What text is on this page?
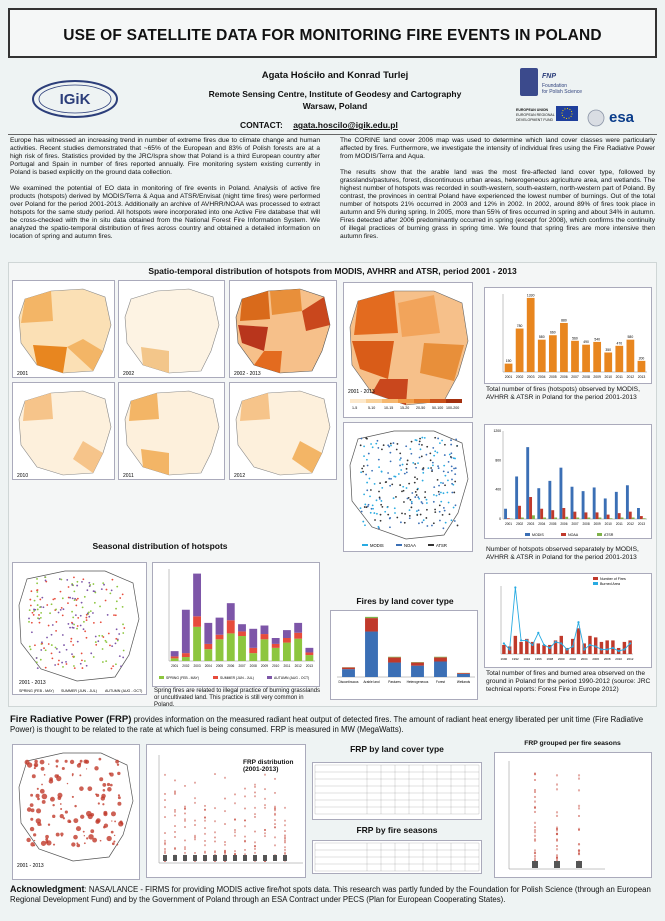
USE OF SATELLITE DATA FOR MONITORING FIRE EVENTS IN POLAND
IGiK
Agata Hościło and Konrad Turlej
Remote Sensing Centre, Institute of Geodesy and Cartography
Warsaw, Poland
CONTACT: agata.hoscilo@igik.edu.pl
FNP
Foundation
for Polish Science
EUROPEAN UNION
EUROPEAN REGIONAL
DEVELOPMENT FUND	esa

Europe has witnessed an increasing trend in number of extreme fires due to climate change and human activities. Recent studies demonstrated that ~65% of the European and 83% of Polish forests are at a high risk of fires. Statistics provided by the JRC/Ispra show that Poland is a third European country after Portugal and Spain in number of fires reported annually. Fire monitoring system existing currently in Poland is based explicitly on the ground data collection.

We examined the potential of EO data in monitoring of fire events in Poland. Analysis of active fire products (hotspots) derived by MODIS/Terra & Aqua and ATSR/Envisat (night time fires) were performed over Poland for the period 2001-2013. Additionally an archive of AVHRR/NOAA was processed to extract hotspots for the same study period. All hotspots were incorporated into one Active Fire database that will be cross-checked with the in situ data obtained from the National Forest Fire Information System. We analyzed the spatio-temporal distribution of fires across country and obtained a detailed information on location of spring and autumn fires.

The CORINE land cover 2006 map was used to determine which land cover classes were particularly affected by fires. Furthermore, we investigate the intensity of individual fires using the Fire Radiative Power from MODIS/Terra and Aqua.

The results show that the arable land was the most fire-affected land cover type, followed by grasslands/pastures, forest, discontinuous urban areas, heterogeneous agriculture area, and wetlands. The highest number of hotspots was recorded in south-western, south-eastern, north-western part of Poland. By contrast, the provinces in central Poland have experienced the lowest number of burnings. Out of the total number of hotspots 21% occurred in 2003 and 12% in 2002. In 2002, around 89% of fires took place in autumn and 5% during spring. In 2005, more than 55% of fires occurred in spring and about 34% in autumn. Fires detected after 2006 predominantly occurred in spring (except for 2008), which confirms the continuity of illegal practices of burning grass in spring time. We found that spring fires are more intensive then autumn fires.

Spatio-temporal distribution of hotspots from MODIS, AVHRR and ATSR, period 2001 - 2013
2001	2002	2002 - 2013
2010	2011	2012
2001 - 2013
1-5	5-10 10-15 15-20 20-50 50-100 100-200
MODIS	NOAA	ATSR
150
2001
780
2002
1330
2003
580
2004
660
2005
880
2006
560
2007
490
2008
540
2009
350
2010
470
2011
580
2012
200
2013
Total number of fires (hotspots) observed by MODIS, AVHRR & ATSR in Poland for the period 2001-2013
0
400
800
1200
2001 2002 2003 2004 2005 2006 2007 2008 2009 2010 2011 2012 2013
MODIS	NOAA	ATSR
Number of hotspots observed separately by MODIS, AVHRR & ATSR in Poland for the period 2001-2013
Seasonal distribution of hotspots
2001 - 2013
SPRING (FEB - MAY) SUMMER (JUN - JUL) AUTUMN (AUG - OCT)
2001 2002 2003 2004 2005 2006 2007 2008 2009 2010 2011 2012 2013
SPRING (FEB - MAY)	SUMMER (JUN - JUL)	AUTUMN (AUG - OCT)
Spring fires are related to illegal practice of burning grasslands or uncultivated land. This practice is still very common in Poland.
Fires by land cover type
Discontinuous Arable land	Pastures Heterogeneous Forest	Wetlands
1990 1992 1994 1996 1998 2000 2002 2004 2006 2008 2010 2012
Number of Fires
Burned Area
Total number of fires and burned area observed on the ground in Poland for the period 1990-2012 (source: JRC technical reports: Forest Fire in Europe 2012)
Fire Radiative Power (FRP) provides information on the measured radiant heat output of detected fires. The amount of radiant heat energy liberated per unit time (Fire Radiative Power) is thought to be related to the rate at which fuel is being consumed. FRP is measured in MW (MegaWatts).
2001 - 2013
FRP distribution (2001-2013)
FRP by land cover type
FRP by fire seasons
FRP grouped per fire seasons
Acknowledgment: NASA/LANCE - FIRMS for providing MODIS active fire/hot spots data. This research was partly funded by the Foundation for Polish Science (through an European Regional Development Fund) and by the Government of Poland through an ESA Contract under PECS (Plan for European Cooperating States).
